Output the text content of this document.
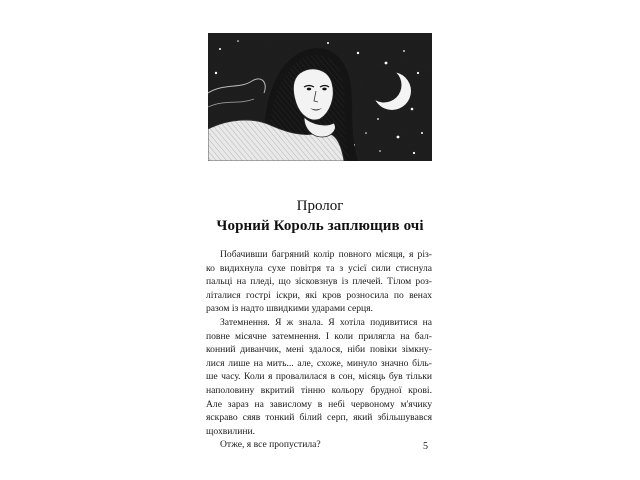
Пролог

Чорний Король заплющив очі

Побачивши багряний колір повного місяця, я різ-
ко видихнула сухе повітря та з усієї сили стиснула
пальці на пледі, що зісковзнув із плечей. Тілом роз-
літалися гострі іскри, які кров розносила по венах
разом із надто швидкими ударами серця.
Затемнення. Я ж знала. Я хотіла подивитися на
повне місячне затемнення. І коли прилягла на бал-
конний диванчик, мені здалося, ніби повіки зімкну-
лися лише на мить... але, схоже, минуло значно біль-
ше часу. Коли я провалилася в сон, місяць був тільки
наполовину вкритий тінню кольору брудної крові.
Але зараз на завислому в небі червоному м'ячику
яскраво сяяв тонкий білий серп, який збільшувався
щохвилини.
Отже, я все пропустила?	5
